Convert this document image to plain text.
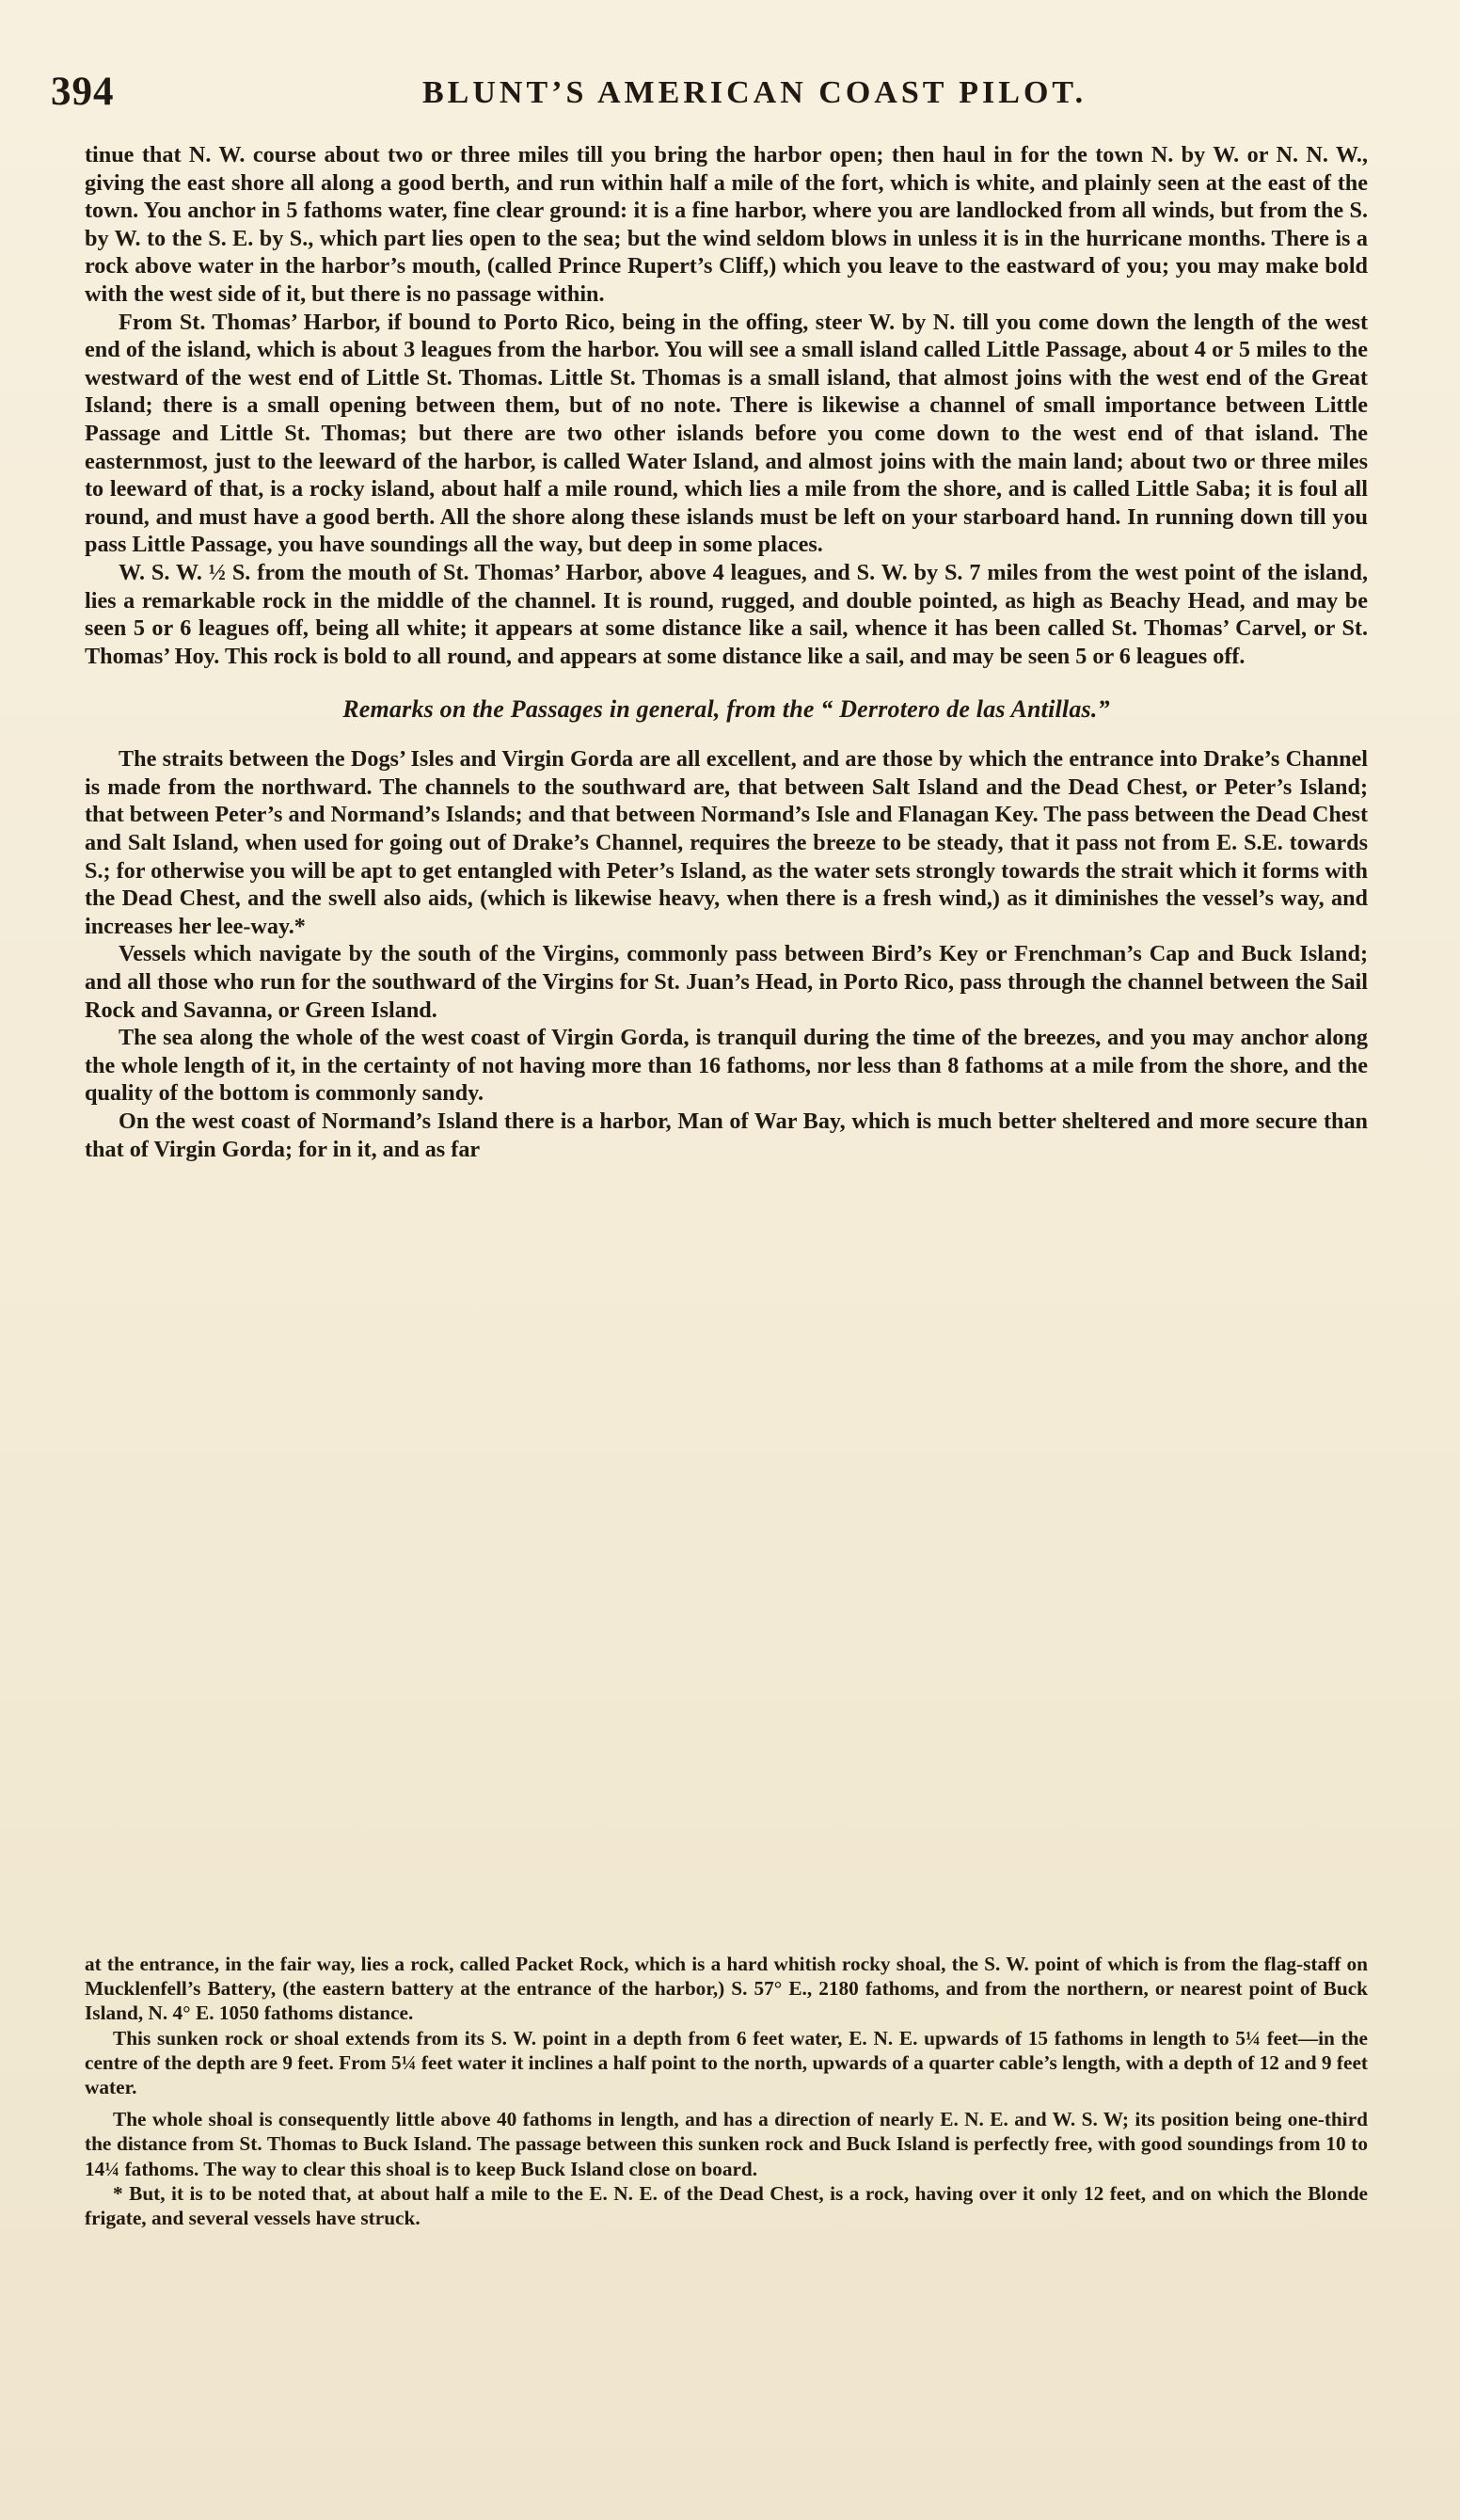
394	BLUNT’S AMERICAN COAST PILOT.

tinue that N. W. course about two or three miles till you bring the harbor open; then haul in for the town N. by W. or N. N. W., giving the east shore all along a good berth, and run within half a mile of the fort, which is white, and plainly seen at the east of the town. You anchor in 5 fathoms water, fine clear ground: it is a fine harbor, where you are landlocked from all winds, but from the S. by W. to the S. E. by S., which part lies open to the sea; but the wind seldom blows in unless it is in the hurricane months. There is a rock above water in the harbor’s mouth, (called Prince Rupert’s Cliff,) which you leave to the eastward of you; you may make bold with the west side of it, but there is no passage within.

From St. Thomas’ Harbor, if bound to Porto Rico, being in the offing, steer W. by N. till you come down the length of the west end of the island, which is about 3 leagues from the harbor. You will see a small island called Little Passage, about 4 or 5 miles to the westward of the west end of Little St. Thomas. Little St. Thomas is a small island, that almost joins with the west end of the Great Island; there is a small opening between them, but of no note. There is likewise a channel of small importance between Little Passage and Little St. Thomas; but there are two other islands before you come down to the west end of that island. The easternmost, just to the leeward of the harbor, is called Water Island, and almost joins with the main land; about two or three miles to leeward of that, is a rocky island, about half a mile round, which lies a mile from the shore, and is called Little Saba; it is foul all round, and must have a good berth. All the shore along these islands must be left on your starboard hand. In running down till you pass Little Passage, you have soundings all the way, but deep in some places.

W. S. W. ½ S. from the mouth of St. Thomas’ Harbor, above 4 leagues, and S. W. by S. 7 miles from the west point of the island, lies a remarkable rock in the middle of the channel. It is round, rugged, and double pointed, as high as Beachy Head, and may be seen 5 or 6 leagues off, being all white; it appears at some distance like a sail, whence it has been called St. Thomas’ Carvel, or St. Thomas’ Hoy. This rock is bold to all round, and appears at some distance like a sail, and may be seen 5 or 6 leagues off.

Remarks on the Passages in general, from the “ Derrotero de las Antillas.”

The straits between the Dogs’ Isles and Virgin Gorda are all excellent, and are those by which the entrance into Drake’s Channel is made from the northward. The channels to the southward are, that between Salt Island and the Dead Chest, or Peter’s Island; that between Peter’s and Normand’s Islands; and that between Normand’s Isle and Flanagan Key. The pass between the Dead Chest and Salt Island, when used for going out of Drake’s Channel, requires the breeze to be steady, that it pass not from E. S.E. towards S.; for otherwise you will be apt to get entangled with Peter’s Island, as the water sets strongly towards the strait which it forms with the Dead Chest, and the swell also aids, (which is likewise heavy, when there is a fresh wind,) as it diminishes the vessel’s way, and increases her lee-way.*

Vessels which navigate by the south of the Virgins, commonly pass between Bird’s Key or Frenchman’s Cap and Buck Island; and all those who run for the southward of the Virgins for St. Juan’s Head, in Porto Rico, pass through the channel between the Sail Rock and Savanna, or Green Island.

The sea along the whole of the west coast of Virgin Gorda, is tranquil during the time of the breezes, and you may anchor along the whole length of it, in the certainty of not having more than 16 fathoms, nor less than 8 fathoms at a mile from the shore, and the quality of the bottom is commonly sandy.

On the west coast of Normand’s Island there is a harbor, Man of War Bay, which is much better sheltered and more secure than that of Virgin Gorda; for in it, and as far

at the entrance, in the fair way, lies a rock, called Packet Rock, which is a hard whitish rocky shoal, the S. W. point of which is from the flag-staff on Mucklenfell’s Battery, (the eastern battery at the entrance of the harbor,) S. 57° E., 2180 fathoms, and from the northern, or nearest point of Buck Island, N. 4° E. 1050 fathoms distance.

This sunken rock or shoal extends from its S. W. point in a depth from 6 feet water, E. N. E. upwards of 15 fathoms in length to 5¼ feet—in the centre of the depth are 9 feet. From 5¼ feet water it inclines a half point to the north, upwards of a quarter cable’s length, with a depth of 12 and 9 feet water.

The whole shoal is consequently little above 40 fathoms in length, and has a direction of nearly E. N. E. and W. S. W; its position being one-third the distance from St. Thomas to Buck Island. The passage between this sunken rock and Buck Island is perfectly free, with good soundings from 10 to 14¼ fathoms. The way to clear this shoal is to keep Buck Island close on board.

* But, it is to be noted that, at about half a mile to the E. N. E. of the Dead Chest, is a rock, having over it only 12 feet, and on which the Blonde frigate, and several vessels have struck.
